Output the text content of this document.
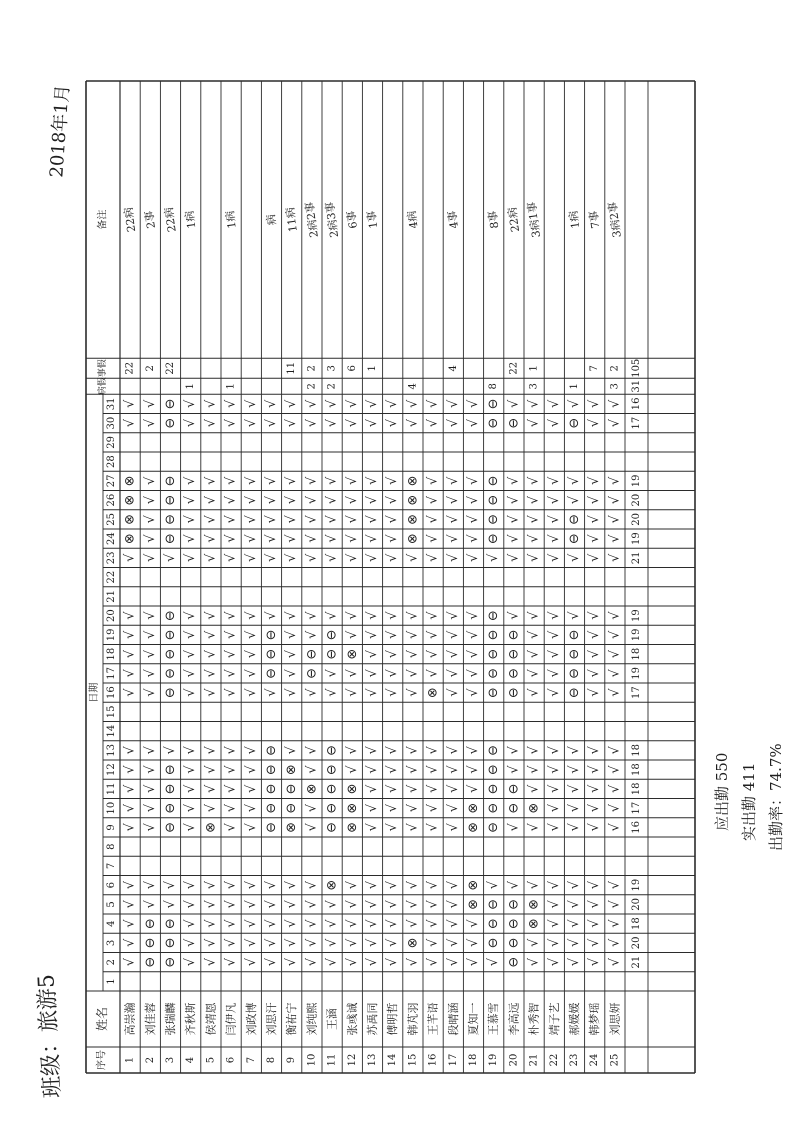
序号
姓名
日期
病假
事假
备注
1
2
3
4
5
6
7
8
9
10
11
12
13
14
15
16
17
18
19
20
21
22
23
24
25
26
27
28
29
30
31
√
√
√
√
√
√
√
√
√
√
√
√
√
√
√
√
⊗
⊗
⊗
⊗
√
√
⊖
⊖
⊖
√
√
√
√
√
√
√
√
√
√
√
√
√
√
√
√
√
√
√
⊖
⊖
⊖
√
√
⊖
⊖
⊖
⊖
√
⊖
⊖
⊖
⊖
⊖
√
⊖
⊖
⊖
⊖
⊖
⊖
√
√
√
√
√
√
√
√
√
√
√
√
√
√
√
√
√
√
√
√
√
√
√
√
√
√
√
⊗
√
√
√
√
√
√
√
√
√
√
√
√
√
√
√
√
√
√
√
√
√
√
√
√
√
√
√
√
√
√
√
√
√
√
√
√
√
√
√
√
√
√
√
√
√
√
√
√
√
√
√
√
√
√
√
√
√
√
√
√
√
√
√
√
√
⊖
⊖
⊖
⊖
⊖
√
⊖
⊖
⊖
√
√
√
√
√
√
√
√
√
√
√
√
√
⊗
⊖
⊖
⊗
√
√
√
√
√
√
√
√
√
√
√
√
√
√
√
√
√
√
√
√
⊗
√
√
√
⊖
⊖
√
√
√
√
√
√
√
√
√
√
√
√
√
⊗
⊖
⊖
⊖
⊖
⊖
√
√
⊖
⊖
√
√
√
√
√
√
√
√
√
√
√
√
√
⊗
⊗
⊗
√
√
√
√
⊗
√
√
√
√
√
√
√
√
√
√
√
√
√
√
√
√
√
√
√
√
√
√
√
√
√
√
√
√
√
√
√
√
√
√
√
√
√
√
√
√
√
√
√
√
√
√
√
√
√
√
√
√
√
√
⊗
√
√
√
√
√
√
√
√
√
√
√
√
√
√
⊗
⊗
⊗
⊗
√
√
√
√
√
√
√
√
√
√
√
√
⊗
√
√
√
√
√
√
√
√
√
√
√
√
√
√
√
√
√
√
√
√
√
√
√
√
√
√
√
√
√
√
√
√
√
√
√
√
⊗
⊗
⊗
⊗
√
√
√
√
√
√
√
√
√
√
√
√
√
√
√
√
⊖
⊖
⊖
√
⊖
⊖
⊖
⊖
⊖
⊖
⊖
⊖
⊖
⊖
√
⊖
⊖
⊖
⊖
⊖
⊖
⊖
⊖
⊖
⊖
√
√
⊖
⊖
√
√
⊖
⊖
⊖
⊖
√
√
√
√
√
√
⊖
√
√
√
⊗
⊗
√
√
⊗
√
√
√
√
√
√
√
√
√
√
√
√
√
√
√
√
√
√
√
√
√
√
√
√
√
√
√
√
√
√
√
√
√
√
√
√
√
√
√
√
√
√
√
√
√
√
√
⊖
⊖
⊖
⊖
√
√
⊖
⊖
√
√
⊖
√
√
√
√
√
√
√
√
√
√
√
√
√
√
√
√
√
√
√
√
√
√
√
√
√
√
√
√
√
√
√
√
√
√
√
√
√
√
√
√
√
√
√
√
√
1
高崇瀚
22
22病
2
刘佳蓉
2
2事
3
张瑞麟
22
22病
4
齐秋斯
1
1病
5
侯靖恩
6
闫伊凡
1
1病
7
刘政博
8
刘思汗
病
9
衡祐宁
11
11病
10
刘纯熙
2
2
2病2事
11
王涵
2
3
2病3事
12
张彧诚
6
6事
13
苏禹同
1
1事
14
傅明哲
15
韩芃羽
4
4病
16
王芊语
17
段晴涵
4
4事
18
夏知一
19
王慕雪
8
8事
20
李高远
22
22病
21
朴秀智
3
1
3病1事
22
靖子艺
23
郝媛媛
1
1病
24
韩梦瑶
7
7事
25
刘思妍
3
2
3病2事
21
20
18
20
19
16
17
18
18
18
17
19
18
19
19
21
19
20
20
19
17
16
31
105
班级：旅游5
2018年1月
应出勤 550 实出勤 411 出勤率：74.7%
